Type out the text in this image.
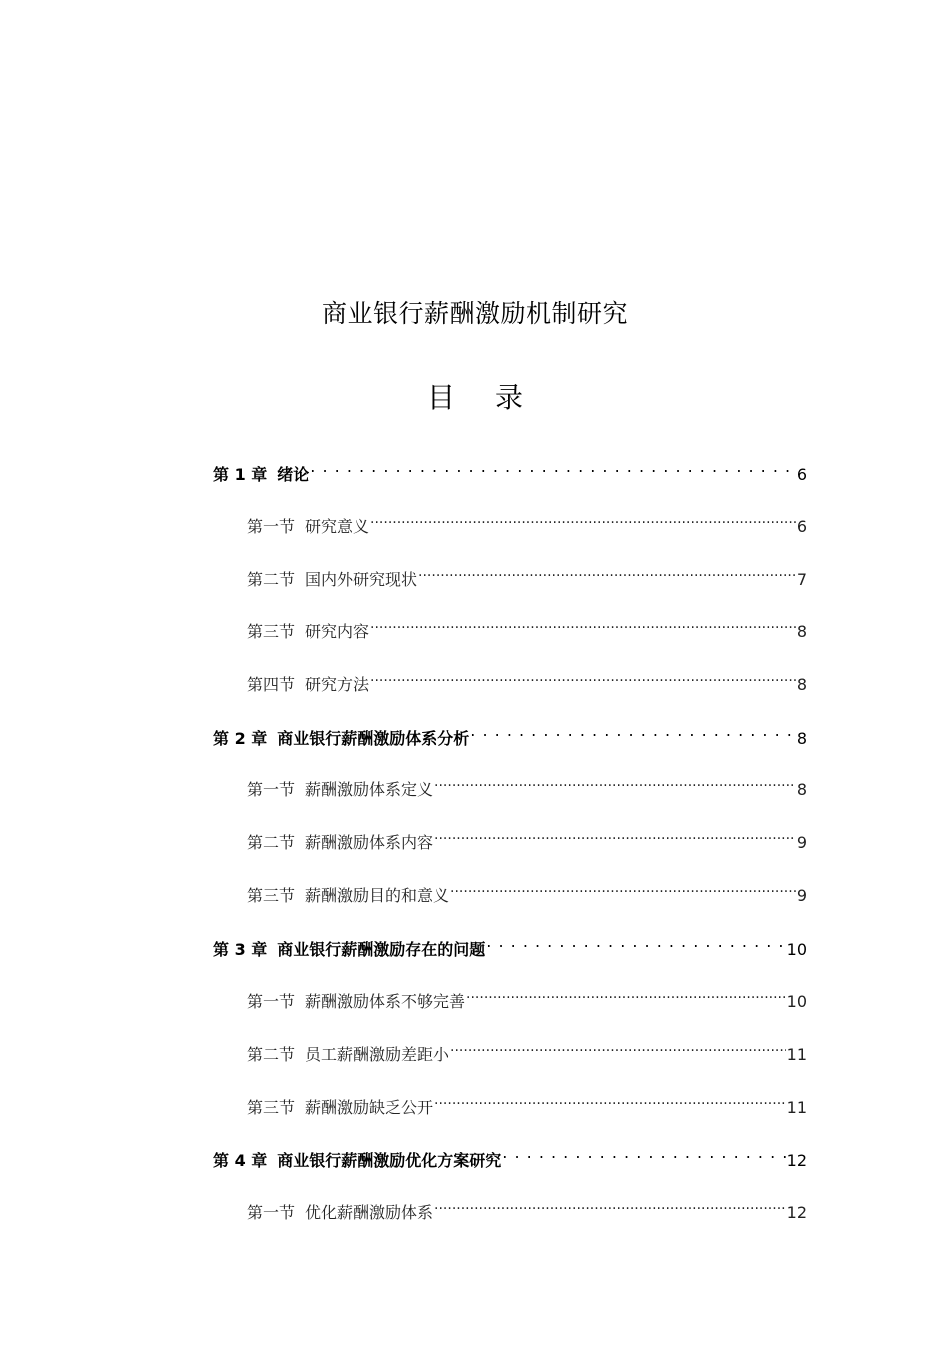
商业银行薪酬激励机制研究
目 录
第 1 章 绪论 . . .	6
第一节 研究意义 .....	6
第二节 国内外研究现状 .....	7
第三节 研究内容 .....	8
第四节 研究方法 .....	8
第 2 章 商业银行薪酬激励体系分析 . . .	8
第一节 薪酬激励体系定义 .....	8
第二节 薪酬激励体系内容 .....	9
第三节 薪酬激励目的和意义 .....	9
第 3 章 商业银行薪酬激励存在的问题 . . .	10
第一节 薪酬激励体系不够完善 .....	10
第二节 员工薪酬激励差距小 .....	11
第三节 薪酬激励缺乏公开 .....	11
第 4 章 商业银行薪酬激励优化方案研究 . . .	12
第一节 优化薪酬激励体系 .....	12
